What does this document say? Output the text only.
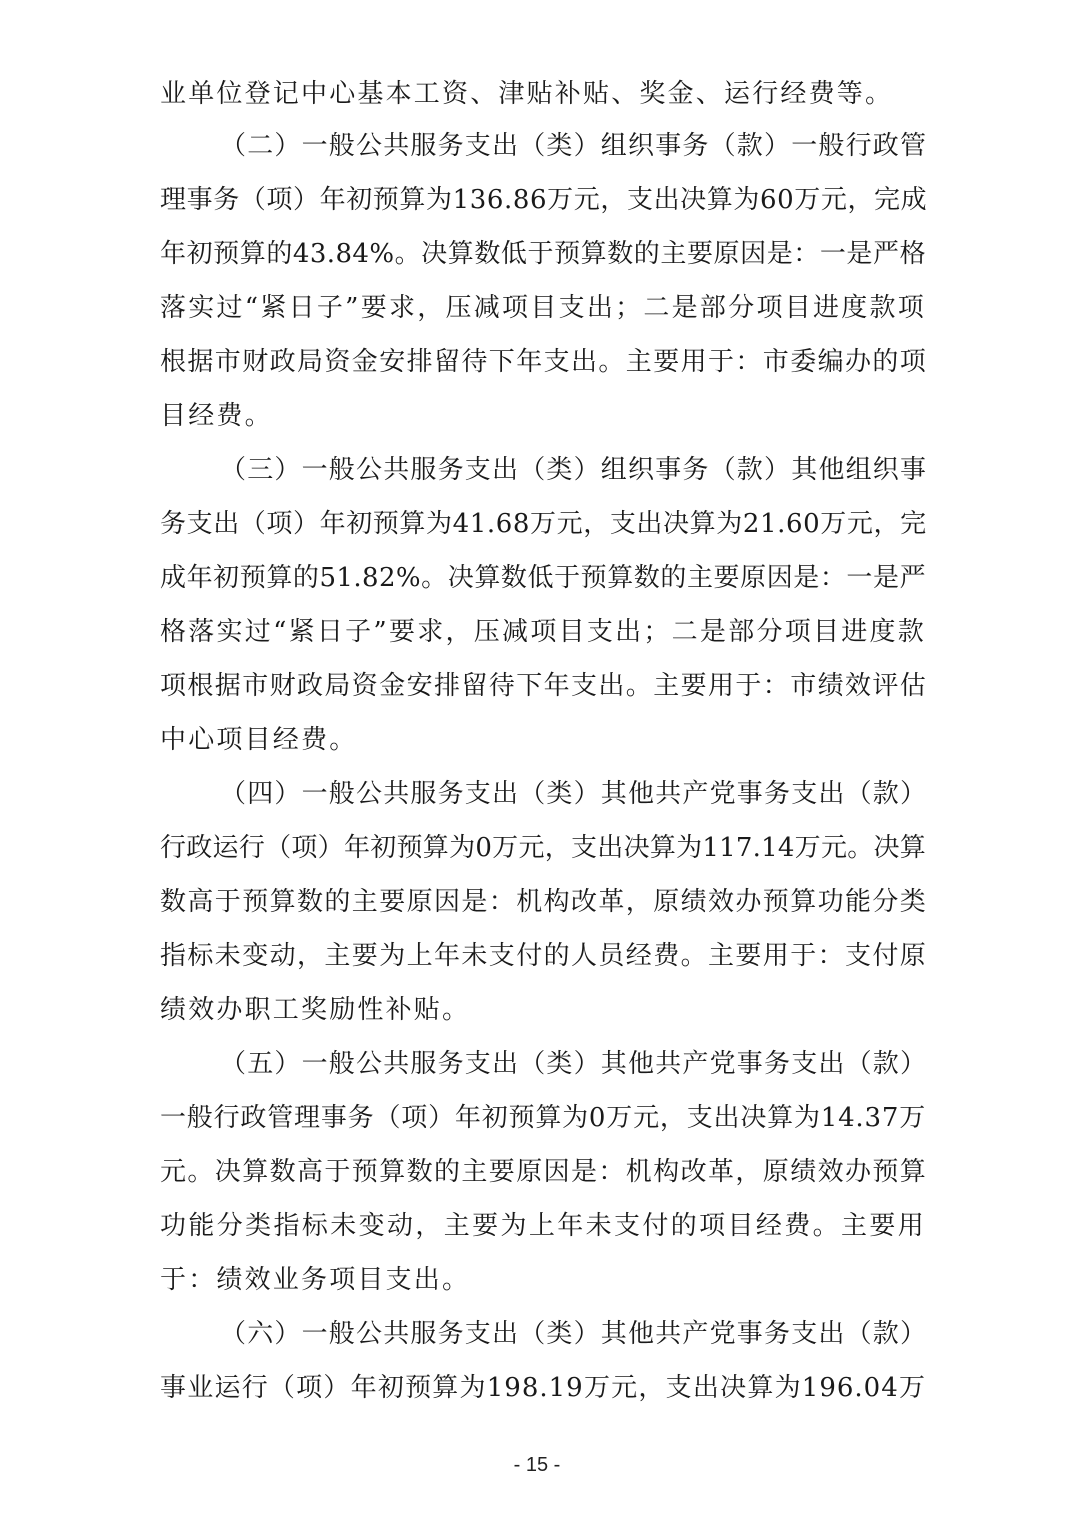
业单位登记中心基本工资、津贴补贴、奖金、运行经费等。
（二）一般公共服务支出（类）组织事务（款）一般行政管
理事务（项）年初预算为136.86万元，支出决算为60万元，完成
年初预算的43.84%。决算数低于预算数的主要原因是：一是严格
落实过“紧日子”要求，压减项目支出；二是部分项目进度款项
根据市财政局资金安排留待下年支出。主要用于：市委编办的项
目经费。
（三）一般公共服务支出（类）组织事务（款）其他组织事
务支出（项）年初预算为41.68万元，支出决算为21.60万元，完
成年初预算的51.82%。决算数低于预算数的主要原因是：一是严
格落实过“紧日子”要求，压减项目支出；二是部分项目进度款
项根据市财政局资金安排留待下年支出。主要用于：市绩效评估
中心项目经费。
（四）一般公共服务支出（类）其他共产党事务支出（款）
行政运行（项）年初预算为0万元，支出决算为117.14万元。决算
数高于预算数的主要原因是：机构改革，原绩效办预算功能分类
指标未变动，主要为上年未支付的人员经费。主要用于：支付原
绩效办职工奖励性补贴。
（五）一般公共服务支出（类）其他共产党事务支出（款）
一般行政管理事务（项）年初预算为0万元，支出决算为14.37万
元。决算数高于预算数的主要原因是：机构改革，原绩效办预算
功能分类指标未变动，主要为上年未支付的项目经费。主要用
于：绩效业务项目支出。
（六）一般公共服务支出（类）其他共产党事务支出（款）
事业运行（项）年初预算为198.19万元，支出决算为196.04万
- 15 -
